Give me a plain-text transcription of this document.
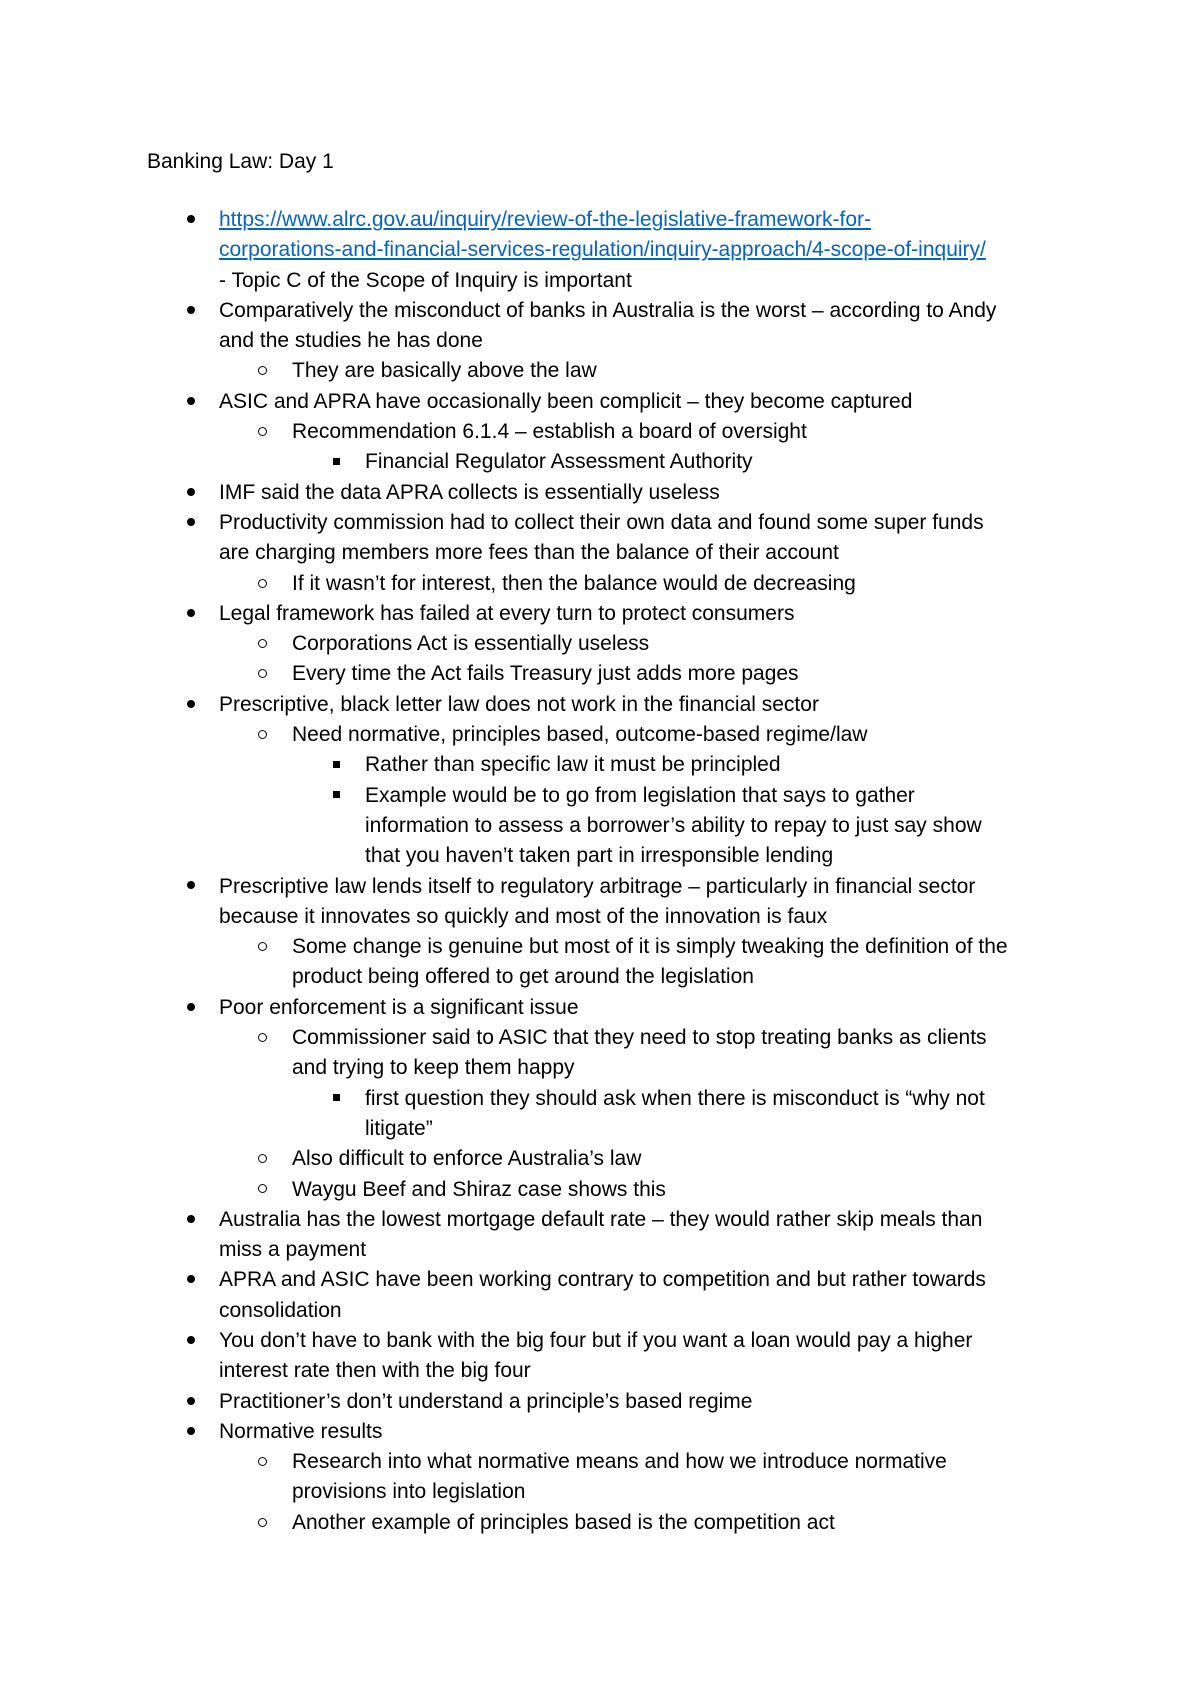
Banking Law: Day 1
https://www.alrc.gov.au/inquiry/review-of-the-legislative-framework-for-
corporations-and-financial-services-regulation/inquiry-approach/4-scope-of-inquiry/
- Topic C of the Scope of Inquiry is important
Comparatively the misconduct of banks in Australia is the worst – according to Andy
and the studies he has done
They are basically above the law
ASIC and APRA have occasionally been complicit – they become captured
Recommendation 6.1.4 – establish a board of oversight
Financial Regulator Assessment Authority
IMF said the data APRA collects is essentially useless
Productivity commission had to collect their own data and found some super funds
are charging members more fees than the balance of their account
If it wasn’t for interest, then the balance would de decreasing
Legal framework has failed at every turn to protect consumers
Corporations Act is essentially useless
Every time the Act fails Treasury just adds more pages
Prescriptive, black letter law does not work in the financial sector
Need normative, principles based, outcome-based regime/law
Rather than specific law it must be principled
Example would be to go from legislation that says to gather
information to assess a borrower’s ability to repay to just say show
that you haven’t taken part in irresponsible lending
Prescriptive law lends itself to regulatory arbitrage – particularly in financial sector
because it innovates so quickly and most of the innovation is faux
Some change is genuine but most of it is simply tweaking the definition of the
product being offered to get around the legislation
Poor enforcement is a significant issue
Commissioner said to ASIC that they need to stop treating banks as clients
and trying to keep them happy
first question they should ask when there is misconduct is “why not
litigate”
Also difficult to enforce Australia’s law
Waygu Beef and Shiraz case shows this
Australia has the lowest mortgage default rate – they would rather skip meals than
miss a payment
APRA and ASIC have been working contrary to competition and but rather towards
consolidation
You don’t have to bank with the big four but if you want a loan would pay a higher
interest rate then with the big four
Practitioner’s don’t understand a principle’s based regime
Normative results
Research into what normative means and how we introduce normative
provisions into legislation
Another example of principles based is the competition act
